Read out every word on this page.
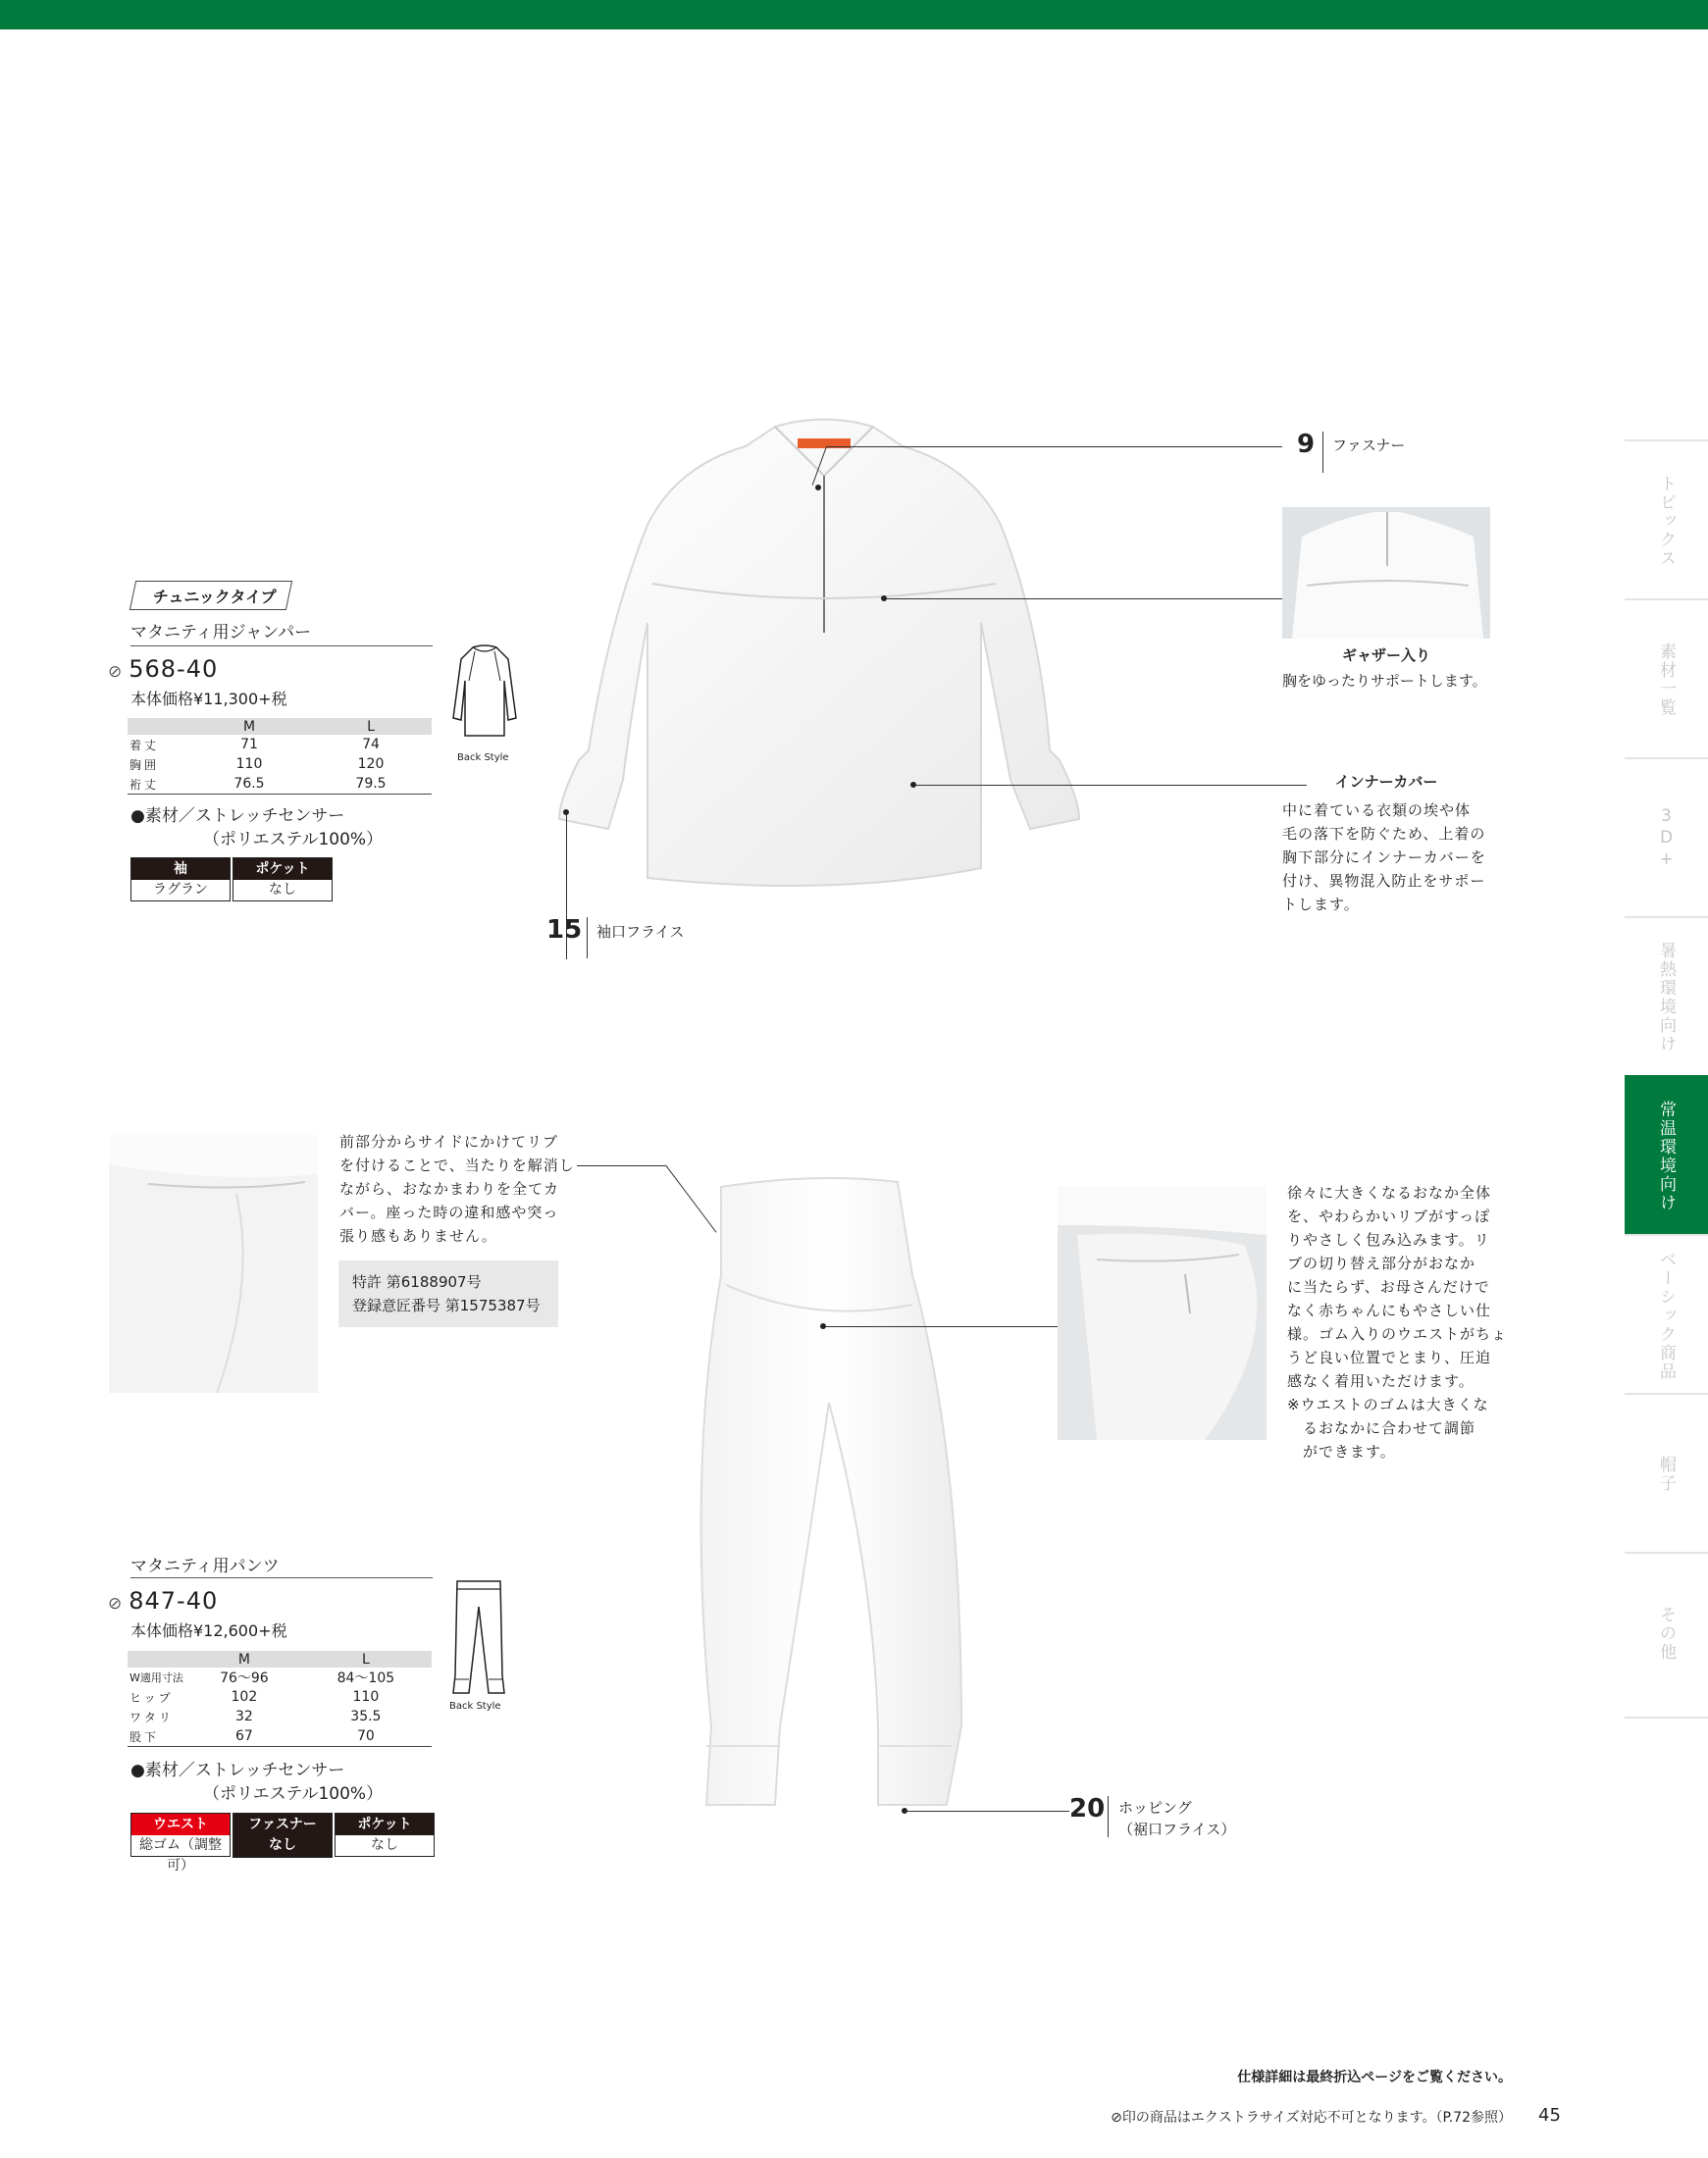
トピックス
素材一覧
3D+
暑熱環境向け
常温環境向け
ベーシック商品
帽子
その他
チュニックタイプ
マタニティ用ジャンパー
⊘ 568-40
本体価格¥11,300+税
	M	L
着丈	71	74
胸囲	110	120
裄丈	76.5	79.5
Back Style
●素材／ストレッチセンサー
（ポリエステル100%）
袖
ラグラン
ポケット
なし
9 ファスナー
ギャザー入り
胸をゆったりサポートします。
インナーカバー
中に着ている衣類の埃や体
毛の落下を防ぐため、上着の
胸下部分にインナーカバーを
付け、異物混入防止をサポー
トします。
15 袖口フライス
前部分からサイドにかけてリブ
を付けることで、当たりを解消し
ながら、おなかまわりを全てカ
バー。座った時の違和感や突っ
張り感もありません。
特許 第6188907号
登録意匠番号 第1575387号
徐々に大きくなるおなか全体
を、やわらかいリブがすっぽ
りやさしく包み込みます。リ
ブの切り替え部分がおなか
に当たらず、お母さんだけで
なく赤ちゃんにもやさしい仕
様。ゴム入りのウエストがちょ
うど良い位置でとまり、圧迫
感なく着用いただけます。
※ウエストのゴムは大きくな
　るおなかに合わせて調節
　ができます。
20 ホッピング
（裾口フライス）
マタニティ用パンツ
⊘ 847-40
本体価格¥12,600+税
	M	L
W適用寸法	76〜96	84〜105
ヒップ	102	110
ワタリ	32	35.5
股下	67	70
Back Style
●素材／ストレッチセンサー
（ポリエステル100%）
ウエスト
総ゴム（調整可）
ファスナー
なし
ポケット
なし
仕様詳細は最終折込ページをご覧ください。
⊘印の商品はエクストラサイズ対応不可となります。（P.72参照） 45
